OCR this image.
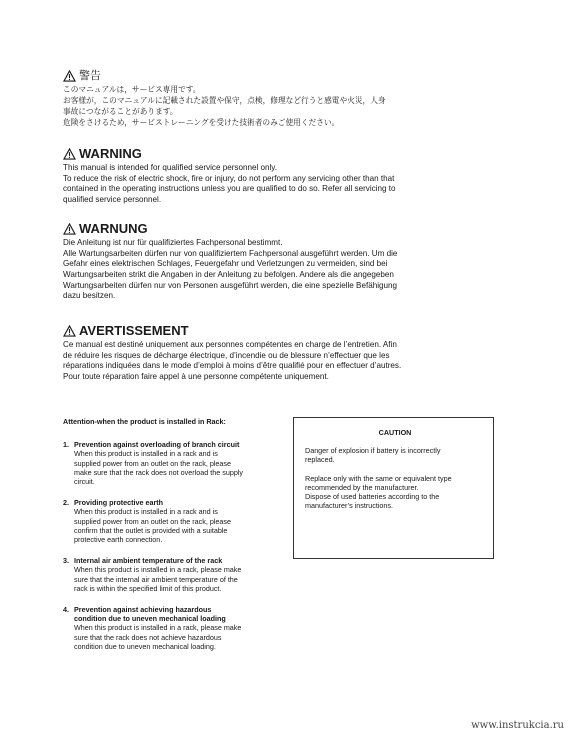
警告

このマニュアルは，サービス専用です。

お客様が，このマニュアルに記載された設置や保守，点検，修理など行うと感電や火災，人身

事故につながることがあります。

危険をさけるため，サービストレーニングを受けた技術者のみご使用ください。

WARNING

This manual is intended for qualified service personnel only.

To reduce the risk of electric shock, fire or injury, do not perform any servicing other than that

contained in the operating instructions unless you are qualified to do so. Refer all servicing to

qualified service personnel.

WARNUNG

Die Anleitung ist nur für qualifiziertes Fachpersonal bestimmt.

Alle Wartungsarbeiten dürfen nur von qualifiziertem Fachpersonal ausgeführt werden. Um die

Gefahr eines elektrischen Schlages, Feuergefahr und Verletzungen zu vermeiden, sind bei

Wartungsarbeiten strikt die Angaben in der Anleitung zu befolgen. Andere als die angegeben

Wartungsarbeiten dürfen nur von Personen ausgeführt werden, die eine spezielle Befähigung

dazu besitzen.

AVERTISSEMENT

Ce manual est destiné uniquement aux personnes compétentes en charge de l’entretien. Afin

de réduire les risques de décharge électrique, d’incendie ou de blessure n’effectuer que les

réparations indiquées dans le mode d’emploi à moins d’être qualifié pour en effectuer d’autres.

Pour toute réparation faire appel à une personne compétente uniquement.

Attention-when the product is installed in Rack:
1. Prevention against overloading of branch circuit

When this product is installed in a rack and is

supplied power from an outlet on the rack, please

make sure that the rack does not overload the supply

circuit.

2. Providing protective earth

When this product is installed in a rack and is

supplied power from an outlet on the rack, please

confirm that the outlet is provided with a suitable

protective earth connection.

3. Internal air ambient temperature of the rack

When this product is installed in a rack, please make

sure that the internal air ambient temperature of the

rack is within the specified limit of this product.

4. Prevention against achieving hazardous

condition due to uneven mechanical loading

When this product is installed in a rack, please make

sure that the rack does not achieve hazardous

condition due to uneven mechanical loading.

CAUTION

Danger of explosion if battery is incorrectly

replaced.

Replace only with the same or equivalent type

recommended by the manufacturer.

Dispose of used batteries according to the

manufacturer’s instructions.

www.instrukcia.ru
